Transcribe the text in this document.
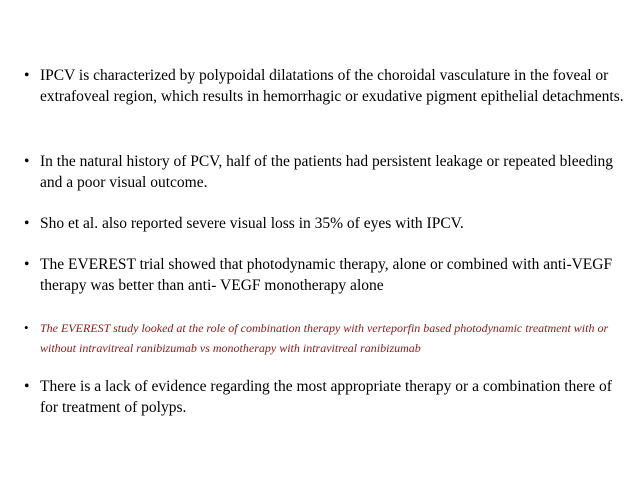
• IPCV is characterized by polypoidal dilatations of the choroidal vasculature in the foveal or extrafoveal region, which results in hemorrhagic or exudative pigment epithelial detachments.
• In the natural history of PCV, half of the patients had persistent leakage or repeated bleeding and a poor visual outcome.
• Sho et al. also reported severe visual loss in 35% of eyes with IPCV.
• The EVEREST trial showed that photodynamic therapy, alone or combined with anti-VEGF therapy was better than anti- VEGF monotherapy alone
• The EVEREST study looked at the role of combination therapy with verteporfin based photodynamic treatment with or without intravitreal ranibizumab vs monotherapy with intravitreal ranibizumab
• There is a lack of evidence regarding the most appropriate therapy or a combination there of for treatment of polyps.
